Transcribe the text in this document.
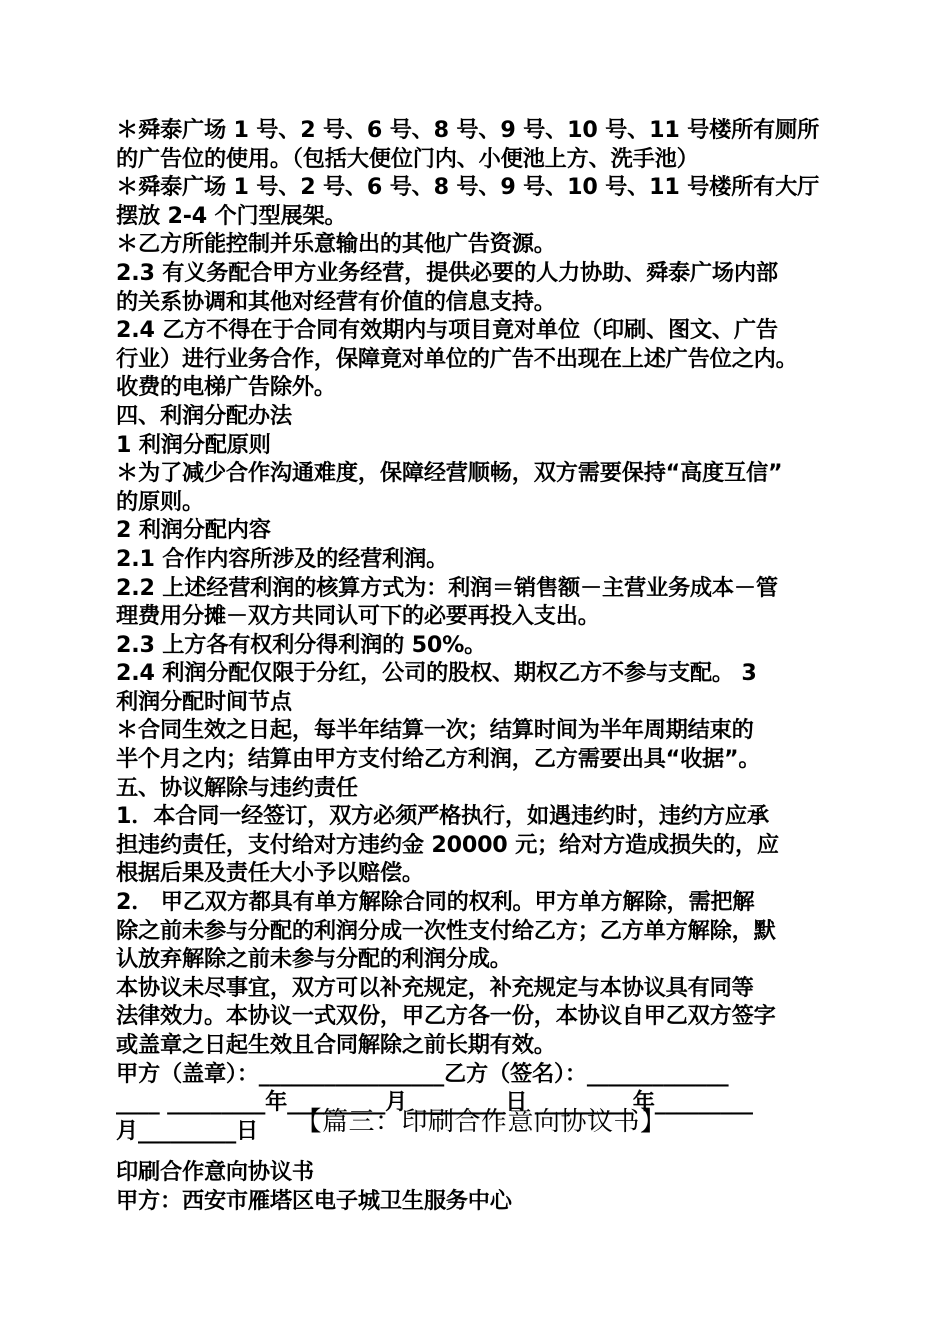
＊舜泰广场 1 号、2 号、6 号、8 号、9 号、10 号、11 号楼所有厕所
的广告位的使用。（包括大便位门内、小便池上方、洗手池）
＊舜泰广场 1 号、2 号、6 号、8 号、9 号、10 号、11 号楼所有大厅
摆放 2-4 个门型展架。
＊乙方所能控制并乐意输出的其他广告资源。
2.3 有义务配合甲方业务经营，提供必要的人力协助、舜泰广场内部
的关系协调和其他对经营有价值的信息支持。
2.4 乙方不得在于合同有效期内与项目竟对单位（印刷、图文、广告
行业）进行业务合作，保障竟对单位的广告不出现在上述广告位之内。
收费的电梯广告除外。
四、利润分配办法
1 利润分配原则
＊为了减少合作沟通难度，保障经营顺畅，双方需要保持“高度互信”
的原则。
2 利润分配内容
2.1 合作内容所涉及的经营利润。
2.2 上述经营利润的核算方式为：利润＝销售额－主营业务成本－管
理费用分摊－双方共同认可下的必要再投入支出。
2.3 上方各有权利分得利润的 50%。
2.4 利润分配仅限于分红，公司的股权、期权乙方不参与支配。 3
利润分配时间节点
＊合同生效之日起，每半年结算一次；结算时间为半年周期结束的
半个月之内；结算由甲方支付给乙方利润，乙方需要出具“收据”。
五、协议解除与违约责任
1．本合同一经签订，双方必须严格执行，如遇违约时，违约方应承
担违约责任，支付给对方违约金 20000 元；给对方造成损失的，应
根据后果及责任大小予以赔偿。
2． 甲乙双方都具有单方解除合同的权利。甲方单方解除，需把解
除之前未参与分配的利润分成一次性支付给乙方；乙方单方解除，默
认放弃解除之前未参与分配的利润分成。
本协议未尽事宜，双方可以补充规定，补充规定与本协议具有同等
法律效力。本协议一式双份，甲乙方各一份，本协议自甲乙双方签字
或盖章之日起生效且合同解除之前长期有效。
甲方（盖章）：_________________乙方（签名）：_____________
____ _________年_________月_________日 _________年_________
月_________日	【篇三：印刷合作意向协议书】
印刷合作意向协议书
甲方：西安市雁塔区电子城卫生服务中心
